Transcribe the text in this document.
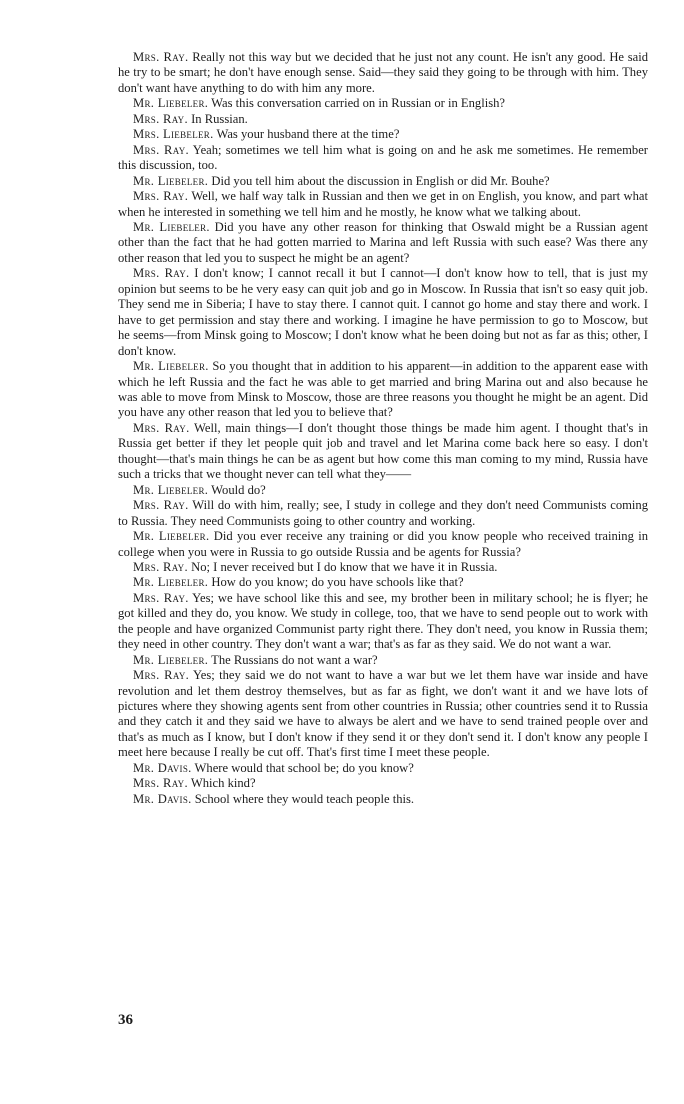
Mrs. Ray. Really not this way but we decided that he just not any count. He isn't any good. He said he try to be smart; he don't have enough sense. Said—they said they going to be through with him. They don't want have anything to do with him any more.

Mr. Liebeler. Was this conversation carried on in Russian or in English?

Mrs. Ray. In Russian.

Mrs. Liebeler. Was your husband there at the time?

Mrs. Ray. Yeah; sometimes we tell him what is going on and he ask me sometimes. He remember this discussion, too.

Mr. Liebeler. Did you tell him about the discussion in English or did Mr. Bouhe?

Mrs. Ray. Well, we half way talk in Russian and then we get in on English, you know, and part what when he interested in something we tell him and he mostly, he know what we talking about.

Mr. Liebeler. Did you have any other reason for thinking that Oswald might be a Russian agent other than the fact that he had gotten married to Marina and left Russia with such ease? Was there any other reason that led you to suspect he might be an agent?

Mrs. Ray. I don't know; I cannot recall it but I cannot—I don't know how to tell, that is just my opinion but seems to be he very easy can quit job and go in Moscow. In Russia that isn't so easy quit job. They send me in Siberia; I have to stay there. I cannot quit. I cannot go home and stay there and work. I have to get permission and stay there and working. I imagine he have permission to go to Moscow, but he seems—from Minsk going to Moscow; I don't know what he been doing but not as far as this; other, I don't know.

Mr. Liebeler. So you thought that in addition to his apparent—in addition to the apparent ease with which he left Russia and the fact he was able to get married and bring Marina out and also because he was able to move from Minsk to Moscow, those are three reasons you thought he might be an agent. Did you have any other reason that led you to believe that?

Mrs. Ray. Well, main things—I don't thought those things be made him agent. I thought that's in Russia get better if they let people quit job and travel and let Marina come back here so easy. I don't thought—that's main things he can be as agent but how come this man coming to my mind, Russia have such a tricks that we thought never can tell what they——

Mr. Liebeler. Would do?

Mrs. Ray. Will do with him, really; see, I study in college and they don't need Communists coming to Russia. They need Communists going to other country and working.

Mr. Liebeler. Did you ever receive any training or did you know people who received training in college when you were in Russia to go outside Russia and be agents for Russia?

Mrs. Ray. No; I never received but I do know that we have it in Russia.

Mr. Liebeler. How do you know; do you have schools like that?

Mrs. Ray. Yes; we have school like this and see, my brother been in military school; he is flyer; he got killed and they do, you know. We study in college, too, that we have to send people out to work with the people and have organized Communist party right there. They don't need, you know in Russia them; they need in other country. They don't want a war; that's as far as they said. We do not want a war.

Mr. Liebeler. The Russians do not want a war?

Mrs. Ray. Yes; they said we do not want to have a war but we let them have war inside and have revolution and let them destroy themselves, but as far as fight, we don't want it and we have lots of pictures where they showing agents sent from other countries in Russia; other countries send it to Russia and they catch it and they said we have to always be alert and we have to send trained people over and that's as much as I know, but I don't know if they send it or they don't send it. I don't know any people I meet here because I really be cut off. That's first time I meet these people.

Mr. Davis. Where would that school be; do you know?

Mrs. Ray. Which kind?

Mr. Davis. School where they would teach people this.

36
